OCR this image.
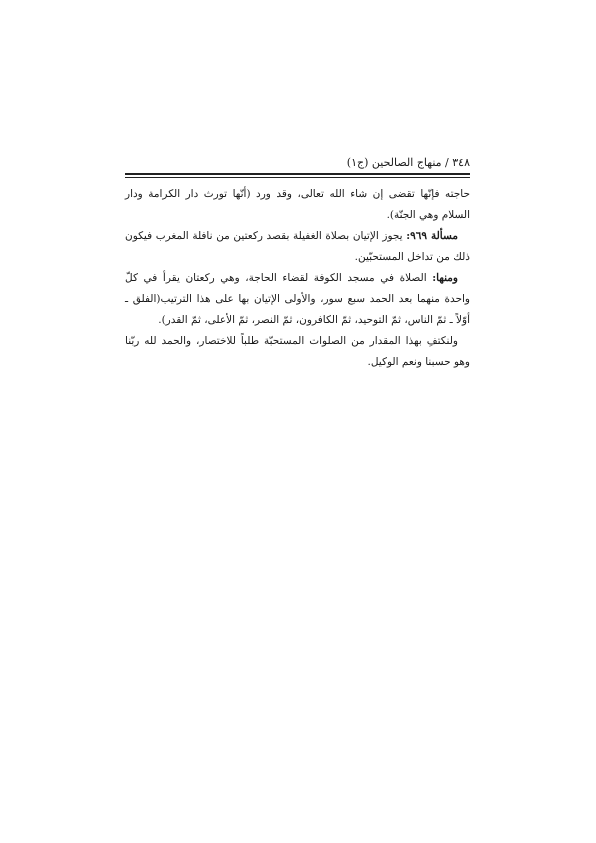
٣٤٨ / منهاج الصالحين (ج١)

حاجته فإنّها تقضى إن شاء الله تعالى، وقد ورد (أنّها تورث دار الكرامة ودار السلام وهي الجنّة).

مسألة ٩٦٩: يجوز الإتيان بصلاة الغفيلة بقصد ركعتين من نافلة المغرب فيكون ذلك من تداخل المستحبّين.

ومنها: الصلاة في مسجد الكوفة لقضاء الحاجة، وهي ركعتان يقرأ في كلّ واحدة منهما بعد الحمد سبع سور، والأولى الإتيان بها على هذا الترتيب(الفلق ـ أوّلاً ـ ثمّ الناس، ثمّ التوحيد، ثمّ الكافرون، ثمّ النصر، ثمّ الأعلى، ثمّ القدر).

ولنكتفِ بهذا المقدار من الصلوات المستحبّة طلباً للاختصار، والحمد لله ربّنا وهو حسبنا ونعم الوكيل.
